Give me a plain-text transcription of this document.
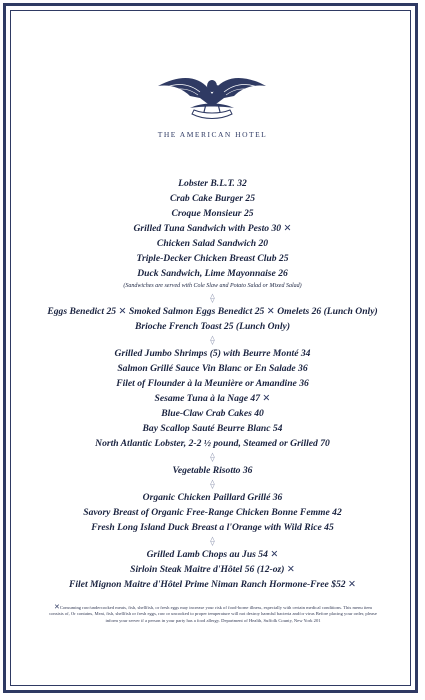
THE AMERICAN HOTEL
Lobster B.L.T. 32
Crab Cake Burger 25
Croque Monsieur 25
Grilled Tuna Sandwich with Pesto 30 ✕
Chicken Salad Sandwich 20
Triple-Decker Chicken Breast Club 25
Duck Sandwich, Lime Mayonnaise 26
(Sandwiches are served with Cole Slaw and Potato Salad or Mixed Salad)
⟠
Eggs Benedict 25 ✕ Smoked Salmon Eggs Benedict 25 ✕ Omelets 26 (Lunch Only)
Brioche French Toast 25 (Lunch Only)
⟠
Grilled Jumbo Shrimps (5) with Beurre Monté 34
Salmon Grillé Sauce Vin Blanc or En Salade 36
Filet of Flounder à la Meunière or Amandine 36
Sesame Tuna à la Nage 47 ✕
Blue-Claw Crab Cakes 40
Bay Scallop Sauté Beurre Blanc 54
North Atlantic Lobster, 2-2 ½ pound, Steamed or Grilled 70
⟠
Vegetable Risotto 36
⟠
Organic Chicken Paillard Grillé 36
Savory Breast of Organic Free-Range Chicken Bonne Femme 42
Fresh Long Island Duck Breast a l'Orange with Wild Rice 45
⟠
Grilled Lamb Chops au Jus 54 ✕
Sirloin Steak Maitre d'Hôtel 56 (12-oz) ✕
Filet Mignon Maitre d'Hôtel Prime Niman Ranch Hormone-Free $52 ✕
✕Consuming raw/undercooked meats, fish, shellfish, or fresh eggs may increase your risk of food-borne illness, especially with certain medical conditions. This menu item consists of, Or contains, Meat, fish, shellfish or fresh eggs, raw or uncooked to proper temperature will not destroy harmful bacteria and/or virus Before placing your order, please inform your server if a person in your party has a food allergy. Department of Health, Suffolk County, New York 201
